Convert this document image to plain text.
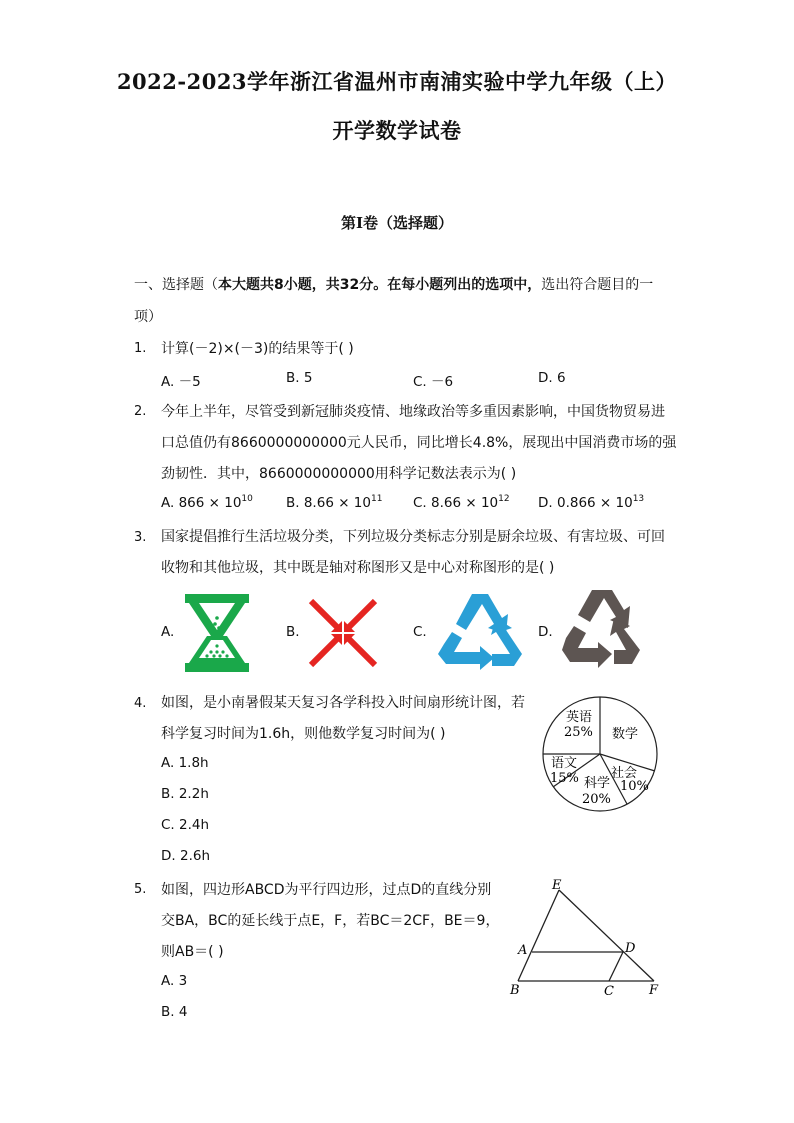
2022-2023学年浙江省温州市南浦实验中学九年级（上）
开学数学试卷
第I卷（选择题）
一、选择题（本大题共8小题，共32分。在每小题列出的选项中，选出符合题目的一
项）
1. 计算(－2)×(－3)的结果等于( )
A. －5	B. 5	C. －6	D. 6
2. 今年上半年，尽管受到新冠肺炎疫情、地缘政治等多重因素影响，中国货物贸易进
口总值仍有8660000000000元人民币，同比增长4.8%，展现出中国消费市场的强
劲韧性．其中，8660000000000用科学记数法表示为( )
A. $866 \times 10^{10}$ B. $8.66 \times 10^{11}$ C. $8.66 \times 10^{12}$ D. $0.866 \times 10^{13}$
3. 国家提倡推行生活垃圾分类，下列垃圾分类标志分别是厨余垃圾、有害垃圾、可回
收物和其他垃圾，其中既是轴对称图形又是中心对称图形的是( )
A.	B.	C.	D.
4. 如图，是小南暑假某天复习各学科投入时间扇形统计图，若
科学复习时间为1.6h，则他数学复习时间为( )
A. 1.8h
B. 2.2h
C. 2.4h
D. 2.6h
英语
25% 数学
语文
15% 科学
20%
社会
10%
5. 如图，四边形ABCD为平行四边形，过点D的直线分别
交BA，BC的延长线于点E，F，若BC＝2CF，BE＝9，
则AB＝( )
A. 3
B. 4
E
A	D
B	C	F
